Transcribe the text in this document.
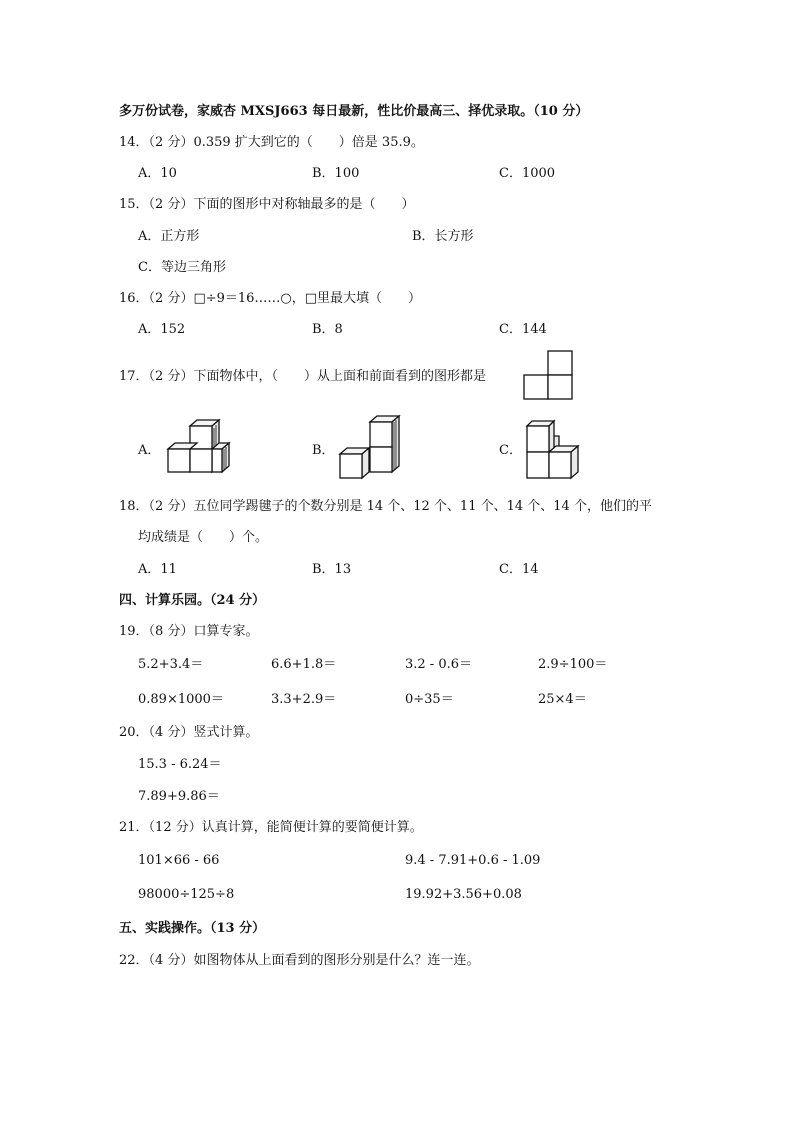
多万份试卷，家威杏 MXSJ663 每日最新，性比价最高三、择优录取。（10 分）
14．（2 分）0.359 扩大到它的（　　）倍是 35.9。
A．10	B．100	C．1000
15．（2 分）下面的图形中对称轴最多的是（　　）
A．正方形	B．长方形
C．等边三角形
16．（2 分）□÷9＝16……○，□里最大填（　　）
A．152	B．8	C．144
17．（2 分）下面物体中，（　　）从上面和前面看到的图形都是
A．	B．	C．
18．（2 分）五位同学踢毽子的个数分别是 14 个、12 个、11 个、14 个、14 个，他们的平
均成绩是（　　）个。
A．11	B．13	C．14
四、计算乐园。（24 分）
19．（8 分）口算专家。
5.2+3.4＝	6.6+1.8＝	3.2 - 0.6＝	2.9÷100＝
0.89×1000＝	3.3+2.9＝	0÷35＝	25×4＝
20．（4 分）竖式计算。
15.3 - 6.24＝
7.89+9.86＝
21．（12 分）认真计算，能简便计算的要简便计算。
101×66 - 66	9.4 - 7.91+0.6 - 1.09
98000÷125÷8	19.92+3.56+0.08
五、实践操作。（13 分）
22．（4 分）如图物体从上面看到的图形分别是什么？连一连。
